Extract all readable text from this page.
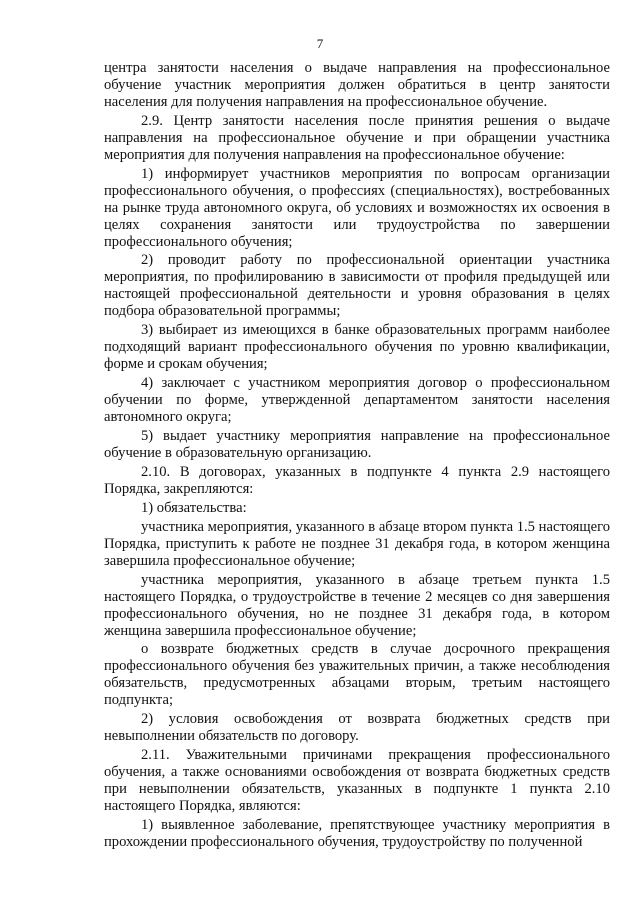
7

центра занятости населения о выдаче направления на профессиональное обучение участник мероприятия должен обратиться в центр занятости населения для получения направления на профессиональное обучение.

2.9. Центр занятости населения после принятия решения о выдаче направления на профессиональное обучение и при обращении участника мероприятия для получения направления на профессиональное обучение:

1) информирует участников мероприятия по вопросам организации профессионального обучения, о профессиях (специальностях), востребованных на рынке труда автономного округа, об условиях и возможностях их освоения в целях сохранения занятости или трудоустройства по завершении профессионального обучения;

2) проводит работу по профессиональной ориентации участника мероприятия, по профилированию в зависимости от профиля предыдущей или настоящей профессиональной деятельности и уровня образования в целях подбора образовательной программы;

3) выбирает из имеющихся в банке образовательных программ наиболее подходящий вариант профессионального обучения по уровню квалификации, форме и срокам обучения;

4) заключает с участником мероприятия договор о профессиональном обучении по форме, утвержденной департаментом занятости населения автономного округа;

5) выдает участнику мероприятия направление на профессиональное обучение в образовательную организацию.

2.10. В договорах, указанных в подпункте 4 пункта 2.9 настоящего Порядка, закрепляются:

1) обязательства:

участника мероприятия, указанного в абзаце втором пункта 1.5 настоящего Порядка, приступить к работе не позднее 31 декабря года, в котором женщина завершила профессиональное обучение;

участника мероприятия, указанного в абзаце третьем пункта 1.5 настоящего Порядка, о трудоустройстве в течение 2 месяцев со дня завершения профессионального обучения, но не позднее 31 декабря года, в котором женщина завершила профессиональное обучение;

о возврате бюджетных средств в случае досрочного прекращения профессионального обучения без уважительных причин, а также несоблюдения обязательств, предусмотренных абзацами вторым, третьим настоящего подпункта;

2) условия освобождения от возврата бюджетных средств при невыполнении обязательств по договору.

2.11. Уважительными причинами прекращения профессионального обучения, а также основаниями освобождения от возврата бюджетных средств при невыполнении обязательств, указанных в подпункте 1 пункта 2.10 настоящего Порядка, являются:

1) выявленное заболевание, препятствующее участнику мероприятия в прохождении профессионального обучения, трудоустройству по полученной
